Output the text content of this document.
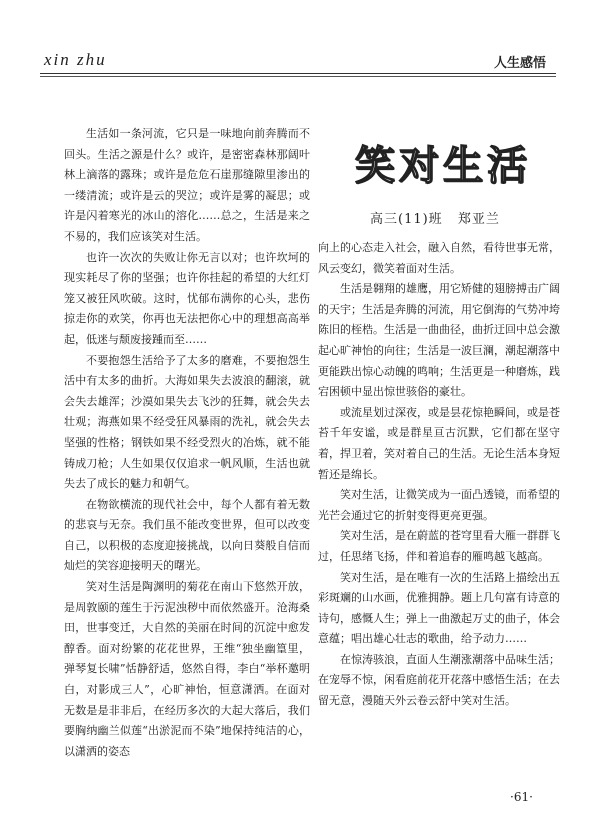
xin zhu	人生感悟
笑对生活
高三(11)班 郑亚兰

生活如一条河流，它只是一味地向前奔腾而不回头。生活之源是什么？或许，是密密森林那阔叶林上滴落的露珠；或许是危危石崖那缝隙里渗出的一缕清流；或许是云的哭泣；或许是雾的凝思；或许是闪着寒光的冰山的溶化……总之，生活是来之不易的，我们应该笑对生活。

也许一次次的失败让你无言以对；也许坎坷的现实耗尽了你的坚强；也许你挂起的希望的大红灯笼又被狂风吹破。这时，忧郁布满你的心头，悲伤掠走你的欢笑，你再也无法把你心中的理想高高举起，低迷与颓废接踵而至……

不要抱怨生活给予了太多的磨难，不要抱怨生活中有太多的曲折。大海如果失去波浪的翻滚，就会失去雄浑；沙漠如果失去飞沙的狂舞，就会失去壮观；海燕如果不经受狂风暴雨的洗礼，就会失去坚强的性格；钢铁如果不经受烈火的冶炼，就不能铸成刀枪；人生如果仅仅追求一帆风顺，生活也就失去了成长的魅力和朝气。

在物欲横流的现代社会中，每个人都有着无数的悲哀与无奈。我们虽不能改变世界，但可以改变自己，以积极的态度迎接挑战，以向日葵般自信而灿烂的笑容迎接明天的曙光。

笑对生活是陶渊明的菊花在南山下悠然开放，是周敦颐的莲生于污泥浊秽中而依然盛开。沧海桑田，世事变迁，大自然的美丽在时间的沉淀中愈发醇香。面对纷繁的花花世界，王维“独坐幽篁里，弹琴复长啸”恬静舒适，悠然自得，李白“举杯邀明白，对影成三人”，心旷神怡，恒意潇洒。在面对无数是是非非后，在经历多次的大起大落后，我们要胸纳幽兰似莲“出淤泥而不染”地保持纯洁的心，以潇洒的姿态

向上的心态走入社会，融入自然，看待世事无常，风云变幻，微笑着面对生活。

生活是翱翔的雄鹰，用它矫健的翅膀搏击广阔的天宇；生活是奔腾的河流，用它倒海的气势冲垮陈旧的桎梏。生活是一曲曲径，曲折迂回中总会激起心旷神怡的向往；生活是一波巨澜，潮起潮落中更能跌出惊心动魄的鸣响；生活更是一种磨炼，践宕困顿中显出惊世骇俗的豪壮。

或流星划过深夜，或是昙花惊艳瞬间，或是苍苔千年安谧，或是群星亘古沉默，它们都在坚守着，捍卫着，笑对着自己的生活。无论生活本身短暂还是绵长。

笑对生活，让微笑成为一面凸透镜，而希望的光芒会通过它的折射变得更亮更强。

笑对生活，是在蔚蓝的苍穹里看大雁一群群飞过，任思绪飞扬，伴和着追春的雁鸣越飞越高。

笑对生活，是在唯有一次的生活路上描绘出五彩斑斓的山水画，优雅拥静。题上几句富有诗意的诗句，感慨人生；弹上一曲激起万丈的曲子，体会意蕴；唱出雄心壮志的歌曲，给予动力……

在惊涛骇浪，直面人生潮涨潮落中品味生活；在宠辱不惊，闲看庭前花开花落中感悟生活；在去留无意，漫随天外云卷云舒中笑对生活。

·61·
